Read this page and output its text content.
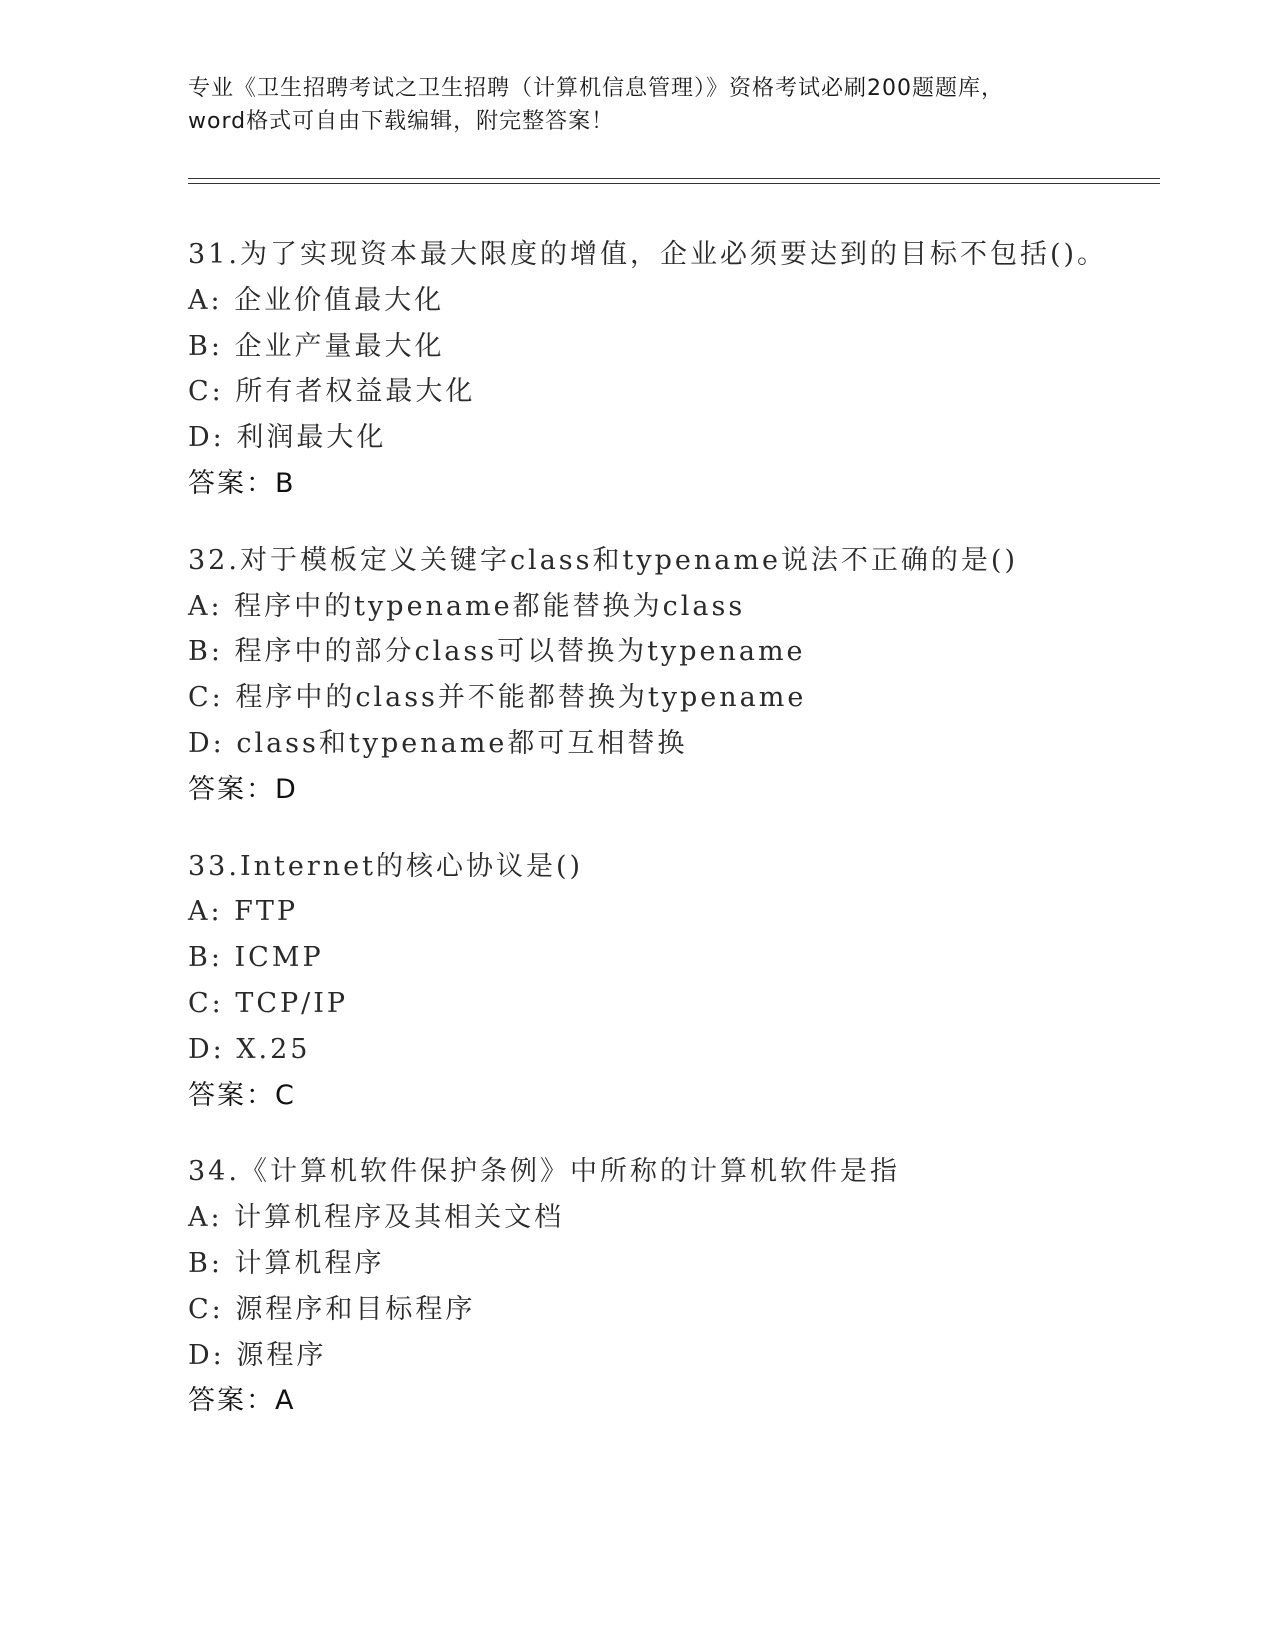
专业《卫生招聘考试之卫生招聘（计算机信息管理）》资格考试必刷200题题库，
word格式可自由下载编辑，附完整答案！
31.为了实现资本最大限度的增值，企业必须要达到的目标不包括()。
A: 企业价值最大化
B: 企业产量最大化
C: 所有者权益最大化
D: 利润最大化
答案：B
32.对于模板定义关键字class和typename说法不正确的是()
A: 程序中的typename都能替换为class
B: 程序中的部分class可以替换为typename
C: 程序中的class并不能都替换为typename
D: class和typename都可互相替换
答案：D
33.Internet的核心协议是()
A: FTP
B: ICMP
C: TCP/IP
D: X.25
答案：C
34.《计算机软件保护条例》中所称的计算机软件是指
A: 计算机程序及其相关文档
B: 计算机程序
C: 源程序和目标程序
D: 源程序
答案：A
